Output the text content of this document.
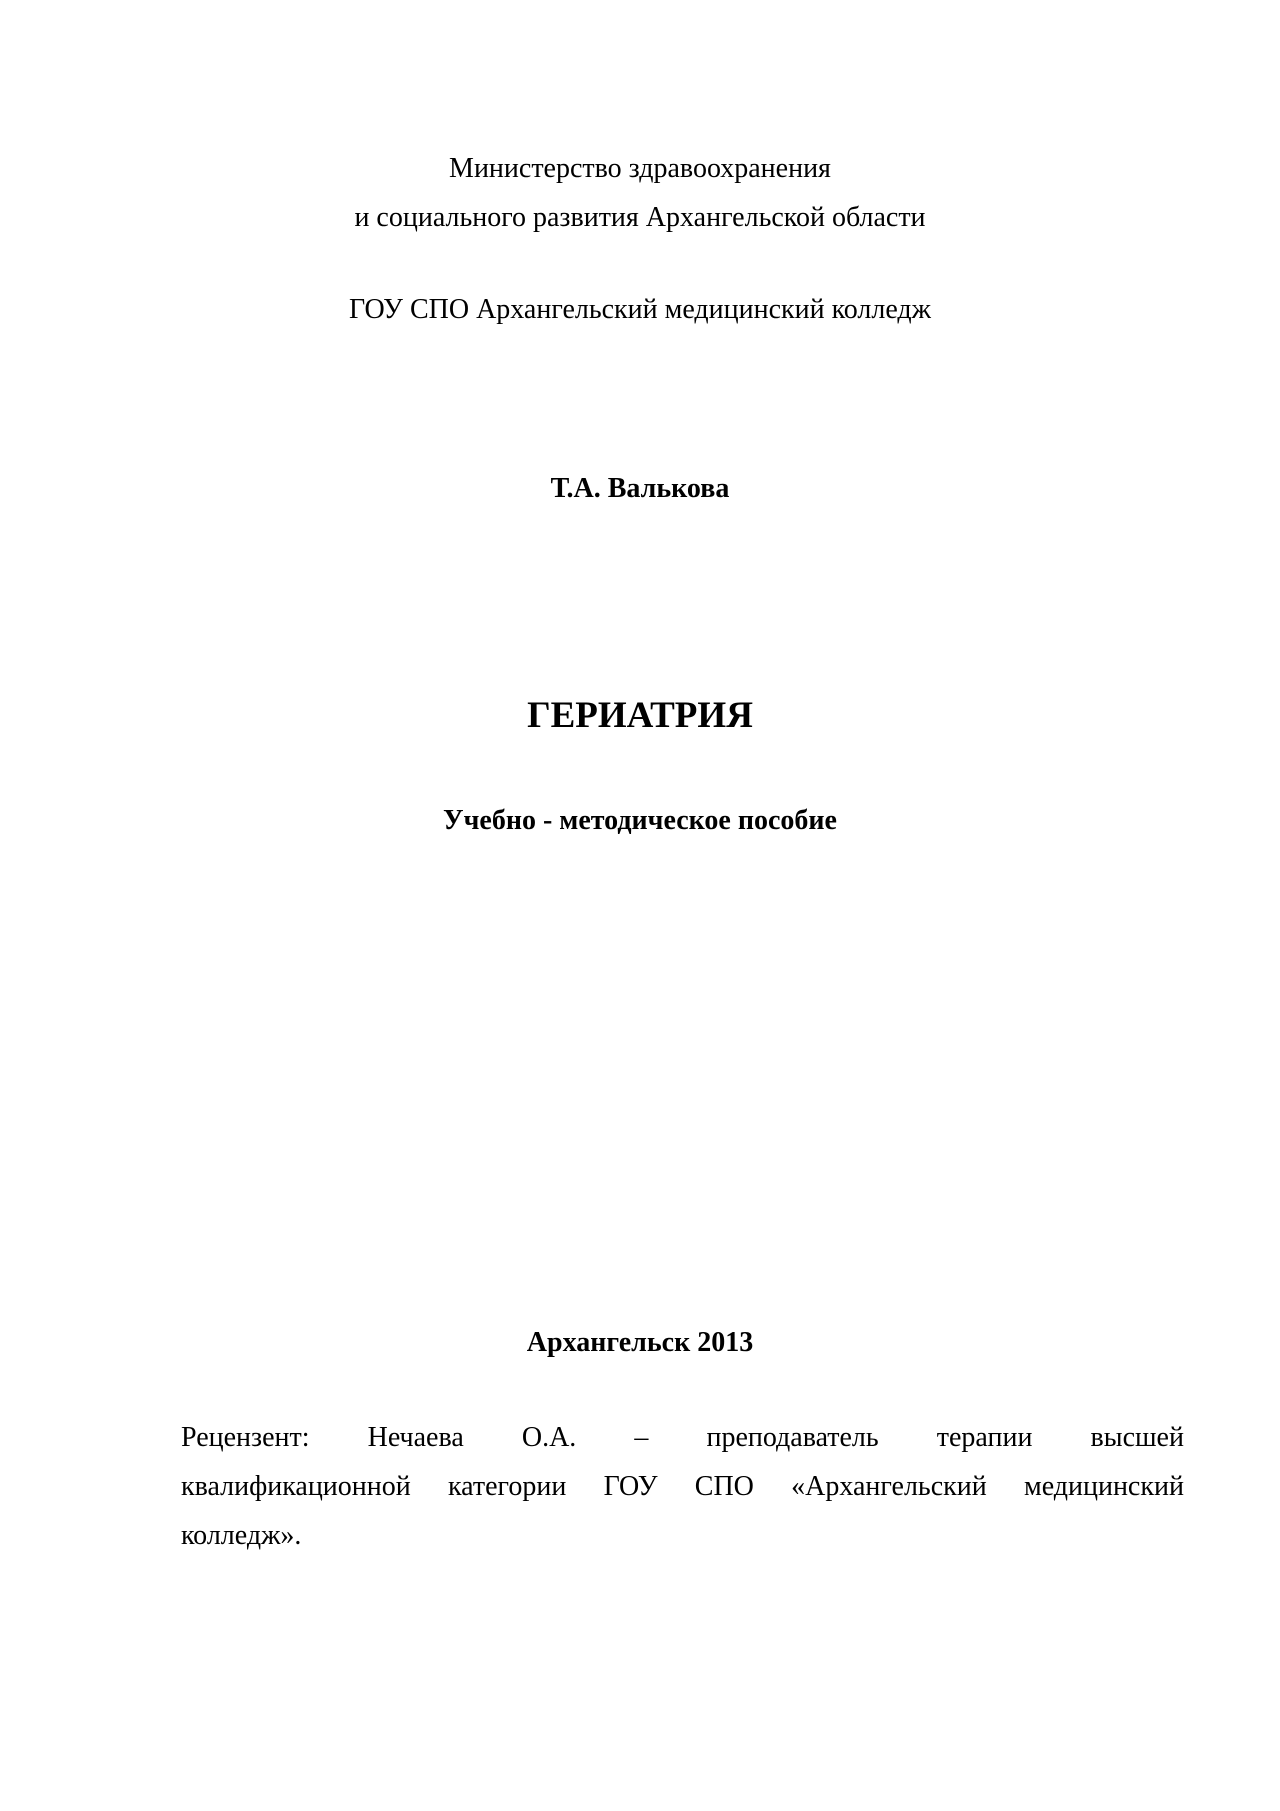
Министерство здравоохранения
и социального развития Архангельской области
ГОУ СПО Архангельский медицинский колледж
Т.А. Валькова
ГЕРИАТРИЯ
Учебно - методическое пособие
Архангельск 2013
Рецензент: Нечаева О.А. – преподаватель терапии высшей
квалификационной категории ГОУ СПО «Архангельский медицинский
колледж».
